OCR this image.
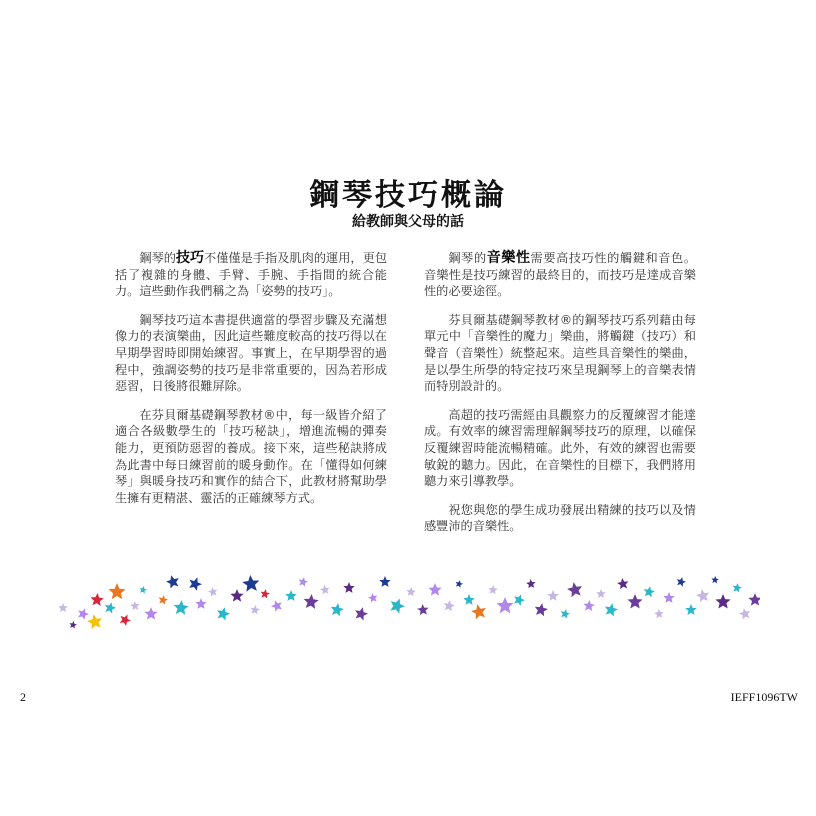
鋼琴技巧概論
給教師與父母的話

鋼琴的技巧不僅僅是手指及肌肉的運用，更包括了複雜的身體、手臂、手腕、手指間的統合能力。這些動作我們稱之為「姿勢的技巧」。

鋼琴技巧這本書提供適當的學習步驟及充滿想像力的表演樂曲，因此這些難度較高的技巧得以在早期學習時即開始練習。事實上，在早期學習的過程中，強調姿勢的技巧是非常重要的，因為若形成惡習，日後將很難屏除。

在芬貝爾基礎鋼琴教材®中，每一級皆介紹了適合各級數學生的「技巧秘訣」，增進流暢的彈奏能力，更預防惡習的養成。接下來，這些秘訣將成為此書中每日練習前的暖身動作。在「懂得如何練琴」與暖身技巧和實作的結合下，此教材將幫助學生擁有更精湛、靈活的正確練琴方式。

鋼琴的音樂性需要高技巧性的觸鍵和音色。音樂性是技巧練習的最終目的，而技巧是達成音樂性的必要途徑。

芬貝爾基礎鋼琴教材®的鋼琴技巧系列藉由每單元中「音樂性的魔力」樂曲，將觸鍵（技巧）和聲音（音樂性）統整起來。這些具音樂性的樂曲，是以學生所學的特定技巧來呈現鋼琴上的音樂表情而特別設計的。

高超的技巧需經由具觀察力的反覆練習才能達成。有效率的練習需理解鋼琴技巧的原理，以確保反覆練習時能流暢精確。此外，有效的練習也需要敏銳的聽力。因此，在音樂性的目標下，我們將用聽力來引導教學。

祝您與您的學生成功發展出精練的技巧以及情感豐沛的音樂性。

2	IEFF1096TW
